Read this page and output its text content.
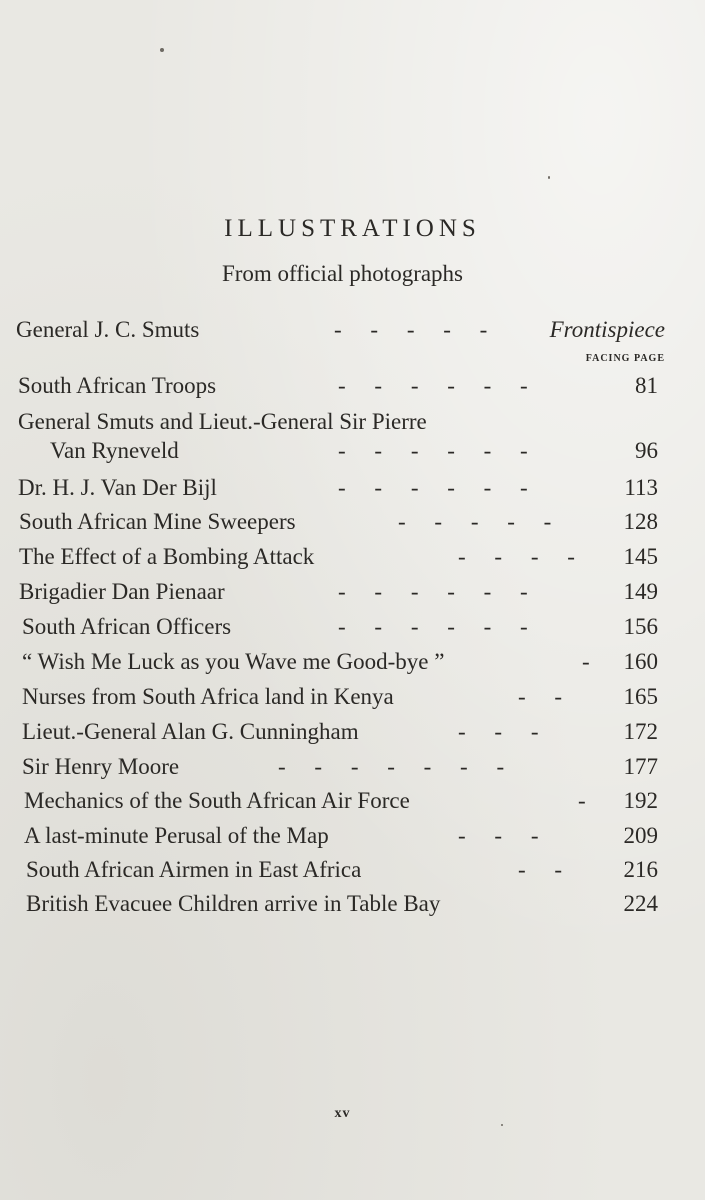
ILLUSTRATIONS
From official photographs
FACING PAGE
General J. C. Smuts	-     -     -     -     -	Frontispiece
South African Troops	-     -     -     -     -     -	81
General Smuts and Lieut.-General Sir Pierre
Van Ryneveld	-     -     -     -     -     -	96
Dr. H. J. Van Der Bijl	-     -     -     -     -     -	113
South African Mine Sweepers	-     -     -     -     -	128
The Effect of a Bombing Attack	-     -     -     - 145
Brigadier Dan Pienaar	-     -     -     -     -     -	149
South African Officers	-     -     -     -     -     -	156
“ Wish Me Luck as you Wave me Good-bye ”	- 160
Nurses from South Africa land in Kenya	-     -	165
Lieut.-General Alan G. Cunningham	-     -     -	172
Sir Henry Moore	-     -     -     -     -     -     -	177
Mechanics of the South African Air Force	- 192
A last-minute Perusal of the Map	-     -     -	209
South African Airmen in East Africa	-     -	216
British Evacuee Children arrive in Table Bay	224
xv
